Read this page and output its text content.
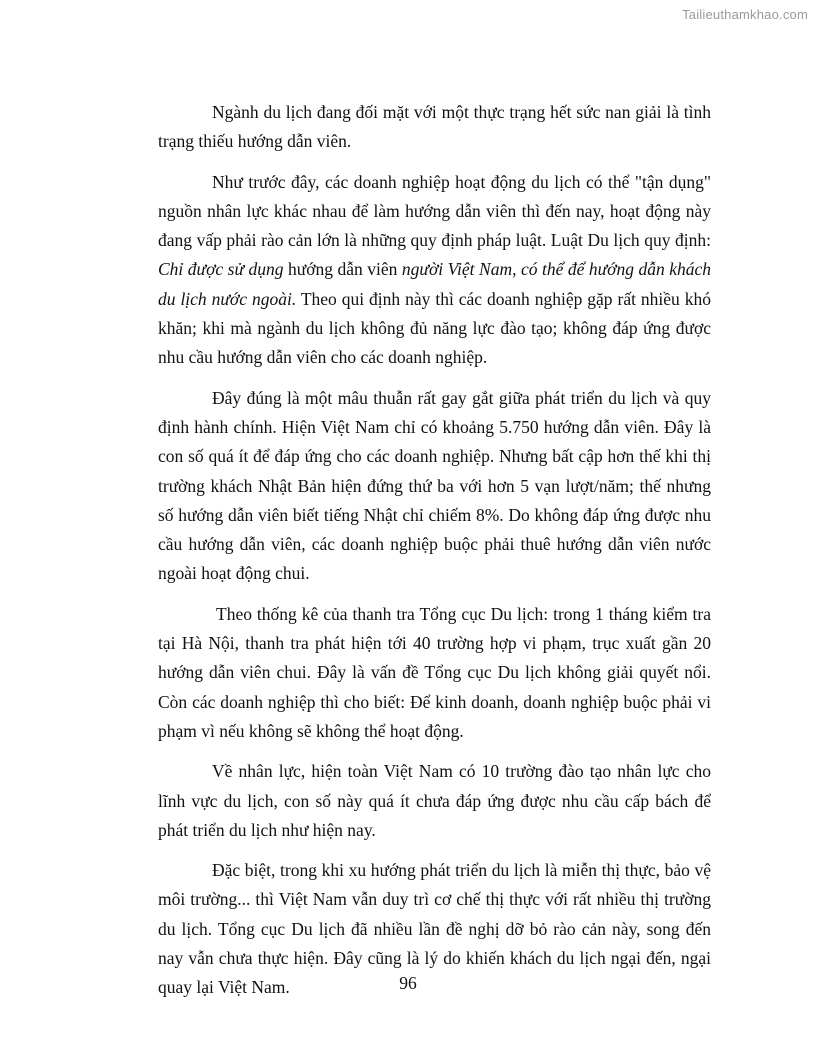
Tailieuthamkhao.com

Ngành du lịch đang đối mặt với một thực trạng hết sức nan giải là tình trạng thiếu hướng dẫn viên.

Như trước đây, các doanh nghiệp hoạt động du lịch có thể "tận dụng" nguồn nhân lực khác nhau để làm hướng dẫn viên thì đến nay, hoạt động này đang vấp phải rào cản lớn là những quy định pháp luật. Luật Du lịch quy định: Chỉ được sử dụng hướng dẫn viên người Việt Nam, có thể để hướng dẫn khách du lịch nước ngoài. Theo qui định này thì các doanh nghiệp gặp rất nhiều khó khăn; khi mà ngành du lịch không đủ năng lực đào tạo; không đáp ứng được nhu cầu hướng dẫn viên cho các doanh nghiệp.

Đây đúng là một mâu thuẫn rất gay gắt giữa phát triển du lịch và quy định hành chính. Hiện Việt Nam chỉ có khoảng 5.750 hướng dẫn viên. Đây là con số quá ít để đáp ứng cho các doanh nghiệp. Nhưng bất cập hơn thế khi thị trường khách Nhật Bản hiện đứng thứ ba với hơn 5 vạn lượt/năm; thế nhưng số hướng dẫn viên biết tiếng Nhật chỉ chiếm 8%. Do không đáp ứng được nhu cầu hướng dẫn viên, các doanh nghiệp buộc phải thuê hướng dẫn viên nước ngoài hoạt động chui.

Theo thống kê của thanh tra Tổng cục Du lịch: trong 1 tháng kiểm tra tại Hà Nội, thanh tra phát hiện tới 40 trường hợp vi phạm, trục xuất gần 20 hướng dẫn viên chui. Đây là vấn đề Tổng cục Du lịch không giải quyết nổi. Còn các doanh nghiệp thì cho biết: Để kinh doanh, doanh nghiệp buộc phải vi phạm vì nếu không sẽ không thể hoạt động.

Về nhân lực, hiện toàn Việt Nam có 10 trường đào tạo nhân lực cho lĩnh vực du lịch, con số này quá ít chưa đáp ứng được nhu cầu cấp bách để phát triển du lịch như hiện nay.

Đặc biệt, trong khi xu hướng phát triển du lịch là miễn thị thực, bảo vệ môi trường... thì Việt Nam vẫn duy trì cơ chế thị thực với rất nhiều thị trường du lịch. Tổng cục Du lịch đã nhiều lần đề nghị dỡ bỏ rào cản này, song đến nay vẫn chưa thực hiện. Đây cũng là lý do khiến khách du lịch ngại đến, ngại quay lại Việt Nam.	96
